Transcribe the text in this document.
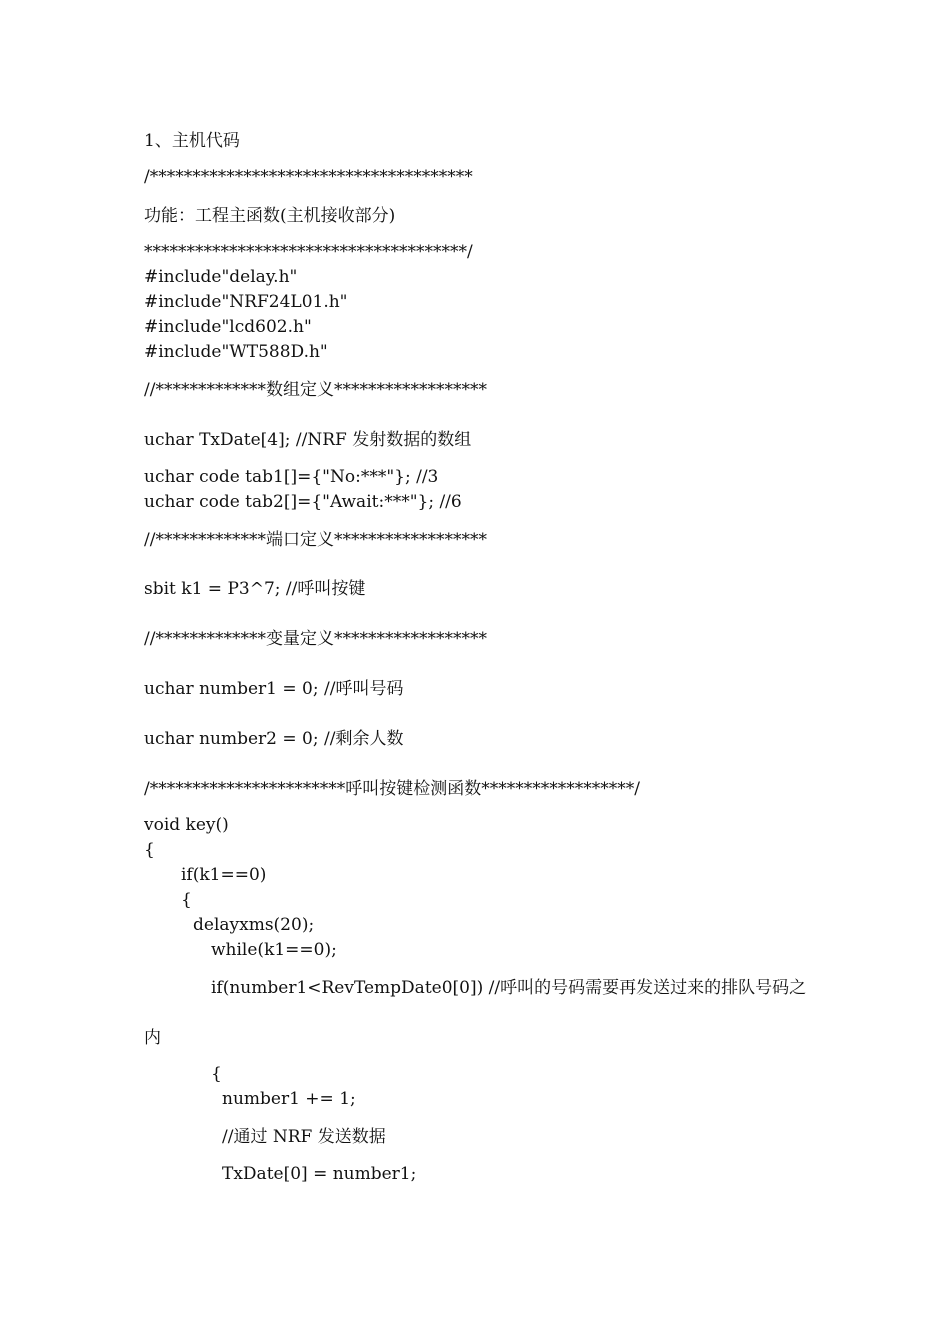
1、主机代码
/**************************************
功能：工程主函数(主机接收部分)
**************************************/
#include"delay.h"
#include"NRF24L01.h"
#include"lcd602.h"
#include"WT588D.h"
//*************数组定义******************
uchar TxDate[4]; //NRF 发射数据的数组
uchar code tab1[]={"No:***"}; //3
uchar code tab2[]={"Await:***"}; //6
//*************端口定义******************
sbit k1 = P3^7; //呼叫按键
//*************变量定义******************
uchar number1 = 0; //呼叫号码
uchar number2 = 0; //剩余人数
/***********************呼叫按键检测函数******************/
void key()
{
if(k1==0)
{
delayxms(20);
while(k1==0);
if(number1<RevTempDate0[0]) //呼叫的号码需要再发送过来的排队号码之
内
{
number1 += 1;
//通过 NRF 发送数据
TxDate[0] = number1;
